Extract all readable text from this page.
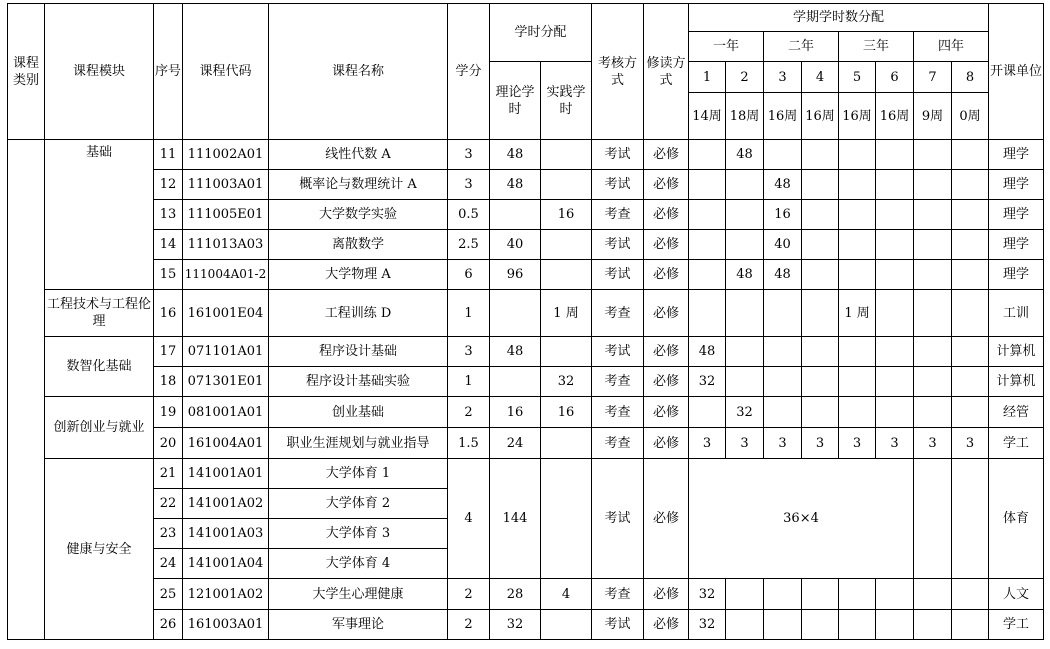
课程类别	课程模块	序号	课程代码	课程名称	学分	学时分配		考核方式	修读方式	学期学时数分配								开课单位
										一年		二年		三年		四年		
						理论学时	实践学时			1	2	3	4	5	6	7	8	
										14周	18周	16周	16周	16周	16周	9周	0周	
	基础	11	111002A01	线性代数 A	3	48		考试	必修		48							理学
		12	111003A01	概率论与数理统计 A	3	48		考试	必修			48						理学
		13	111005E01	大学数学实验	0.5		16	考查	必修			16						理学
		14	111013A03	离散数学	2.5	40		考试	必修			40						理学
		15	111004A01-2	大学物理 A	6	96		考试	必修		48	48						理学
	工程技术与工程伦理	16	161001E04	工程训练 D	1		1 周	考查	必修					1 周				工训
	数智化基础	17	071101A01	程序设计基础	3	48		考试	必修	48								计算机
		18	071301E01	程序设计基础实验	1		32	考查	必修	32								计算机
	创新创业与就业	19	081001A01	创业基础	2	16	16	考查	必修		32							经管
		20	161004A01	职业生涯规划与就业指导	1.5	24		考查	必修	3	3	3	3	3	3	3	3	学工
	健康与安全	21	141001A01	大学体育 1	4	144		考试	必修	36×4								体育
		22	141001A02	大学体育 2														
		23	141001A03	大学体育 3														
		24	141001A04	大学体育 4														
		25	121001A02	大学生心理健康	2	28	4	考查	必修	32								人文
		26	161003A01	军事理论	2	32		考试	必修	32								学工
